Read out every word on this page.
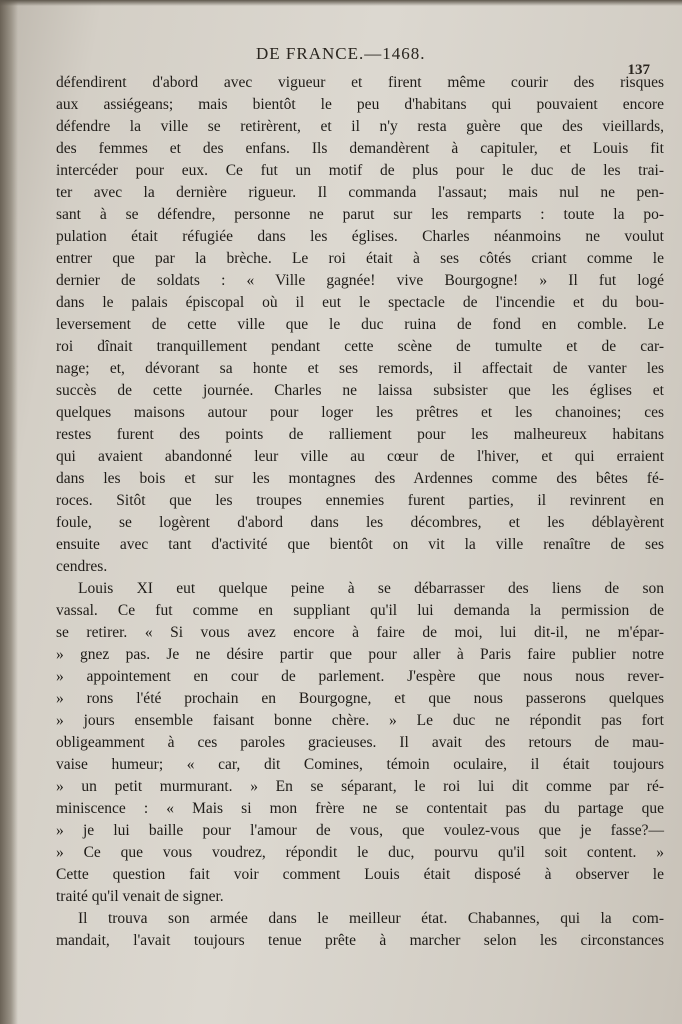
DE FRANCE.—1468.
137
défendirent d'abord avec vigueur et firent même courir des risques
aux assiégeans; mais bientôt le peu d'habitans qui pouvaient encore
défendre la ville se retirèrent, et il n'y resta guère que des vieillards,
des femmes et des enfans. Ils demandèrent à capituler, et Louis fit
intercéder pour eux. Ce fut un motif de plus pour le duc de les trai-
ter avec la dernière rigueur. Il commanda l'assaut; mais nul ne pen-
sant à se défendre, personne ne parut sur les remparts : toute la po-
pulation était réfugiée dans les églises. Charles néanmoins ne voulut
entrer que par la brèche. Le roi était à ses côtés criant comme le
dernier de soldats : « Ville gagnée! vive Bourgogne! » Il fut logé
dans le palais épiscopal où il eut le spectacle de l'incendie et du bou-
leversement de cette ville que le duc ruina de fond en comble. Le
roi dînait tranquillement pendant cette scène de tumulte et de car-
nage; et, dévorant sa honte et ses remords, il affectait de vanter les
succès de cette journée. Charles ne laissa subsister que les églises et
quelques maisons autour pour loger les prêtres et les chanoines; ces
restes furent des points de ralliement pour les malheureux habitans
qui avaient abandonné leur ville au cœur de l'hiver, et qui erraient
dans les bois et sur les montagnes des Ardennes comme des bêtes fé-
roces. Sitôt que les troupes ennemies furent parties, il revinrent en
foule, se logèrent d'abord dans les décombres, et les déblayèrent
ensuite avec tant d'activité que bientôt on vit la ville renaître de ses
cendres.
Louis XI eut quelque peine à se débarrasser des liens de son
vassal. Ce fut comme en suppliant qu'il lui demanda la permission de
se retirer. « Si vous avez encore à faire de moi, lui dit-il, ne m'épar-
» gnez pas. Je ne désire partir que pour aller à Paris faire publier notre
» appointement en cour de parlement. J'espère que nous nous rever-
» rons l'été prochain en Bourgogne, et que nous passerons quelques
» jours ensemble faisant bonne chère. » Le duc ne répondit pas fort
obligeamment à ces paroles gracieuses. Il avait des retours de mau-
vaise humeur; « car, dit Comines, témoin oculaire, il était toujours
» un petit murmurant. » En se séparant, le roi lui dit comme par ré-
miniscence : « Mais si mon frère ne se contentait pas du partage que
» je lui baille pour l'amour de vous, que voulez-vous que je fasse?—
» Ce que vous voudrez, répondit le duc, pourvu qu'il soit content. »
Cette question fait voir comment Louis était disposé à observer le
traité qu'il venait de signer.
Il trouva son armée dans le meilleur état. Chabannes, qui la com-
mandait, l'avait toujours tenue prête à marcher selon les circonstances
